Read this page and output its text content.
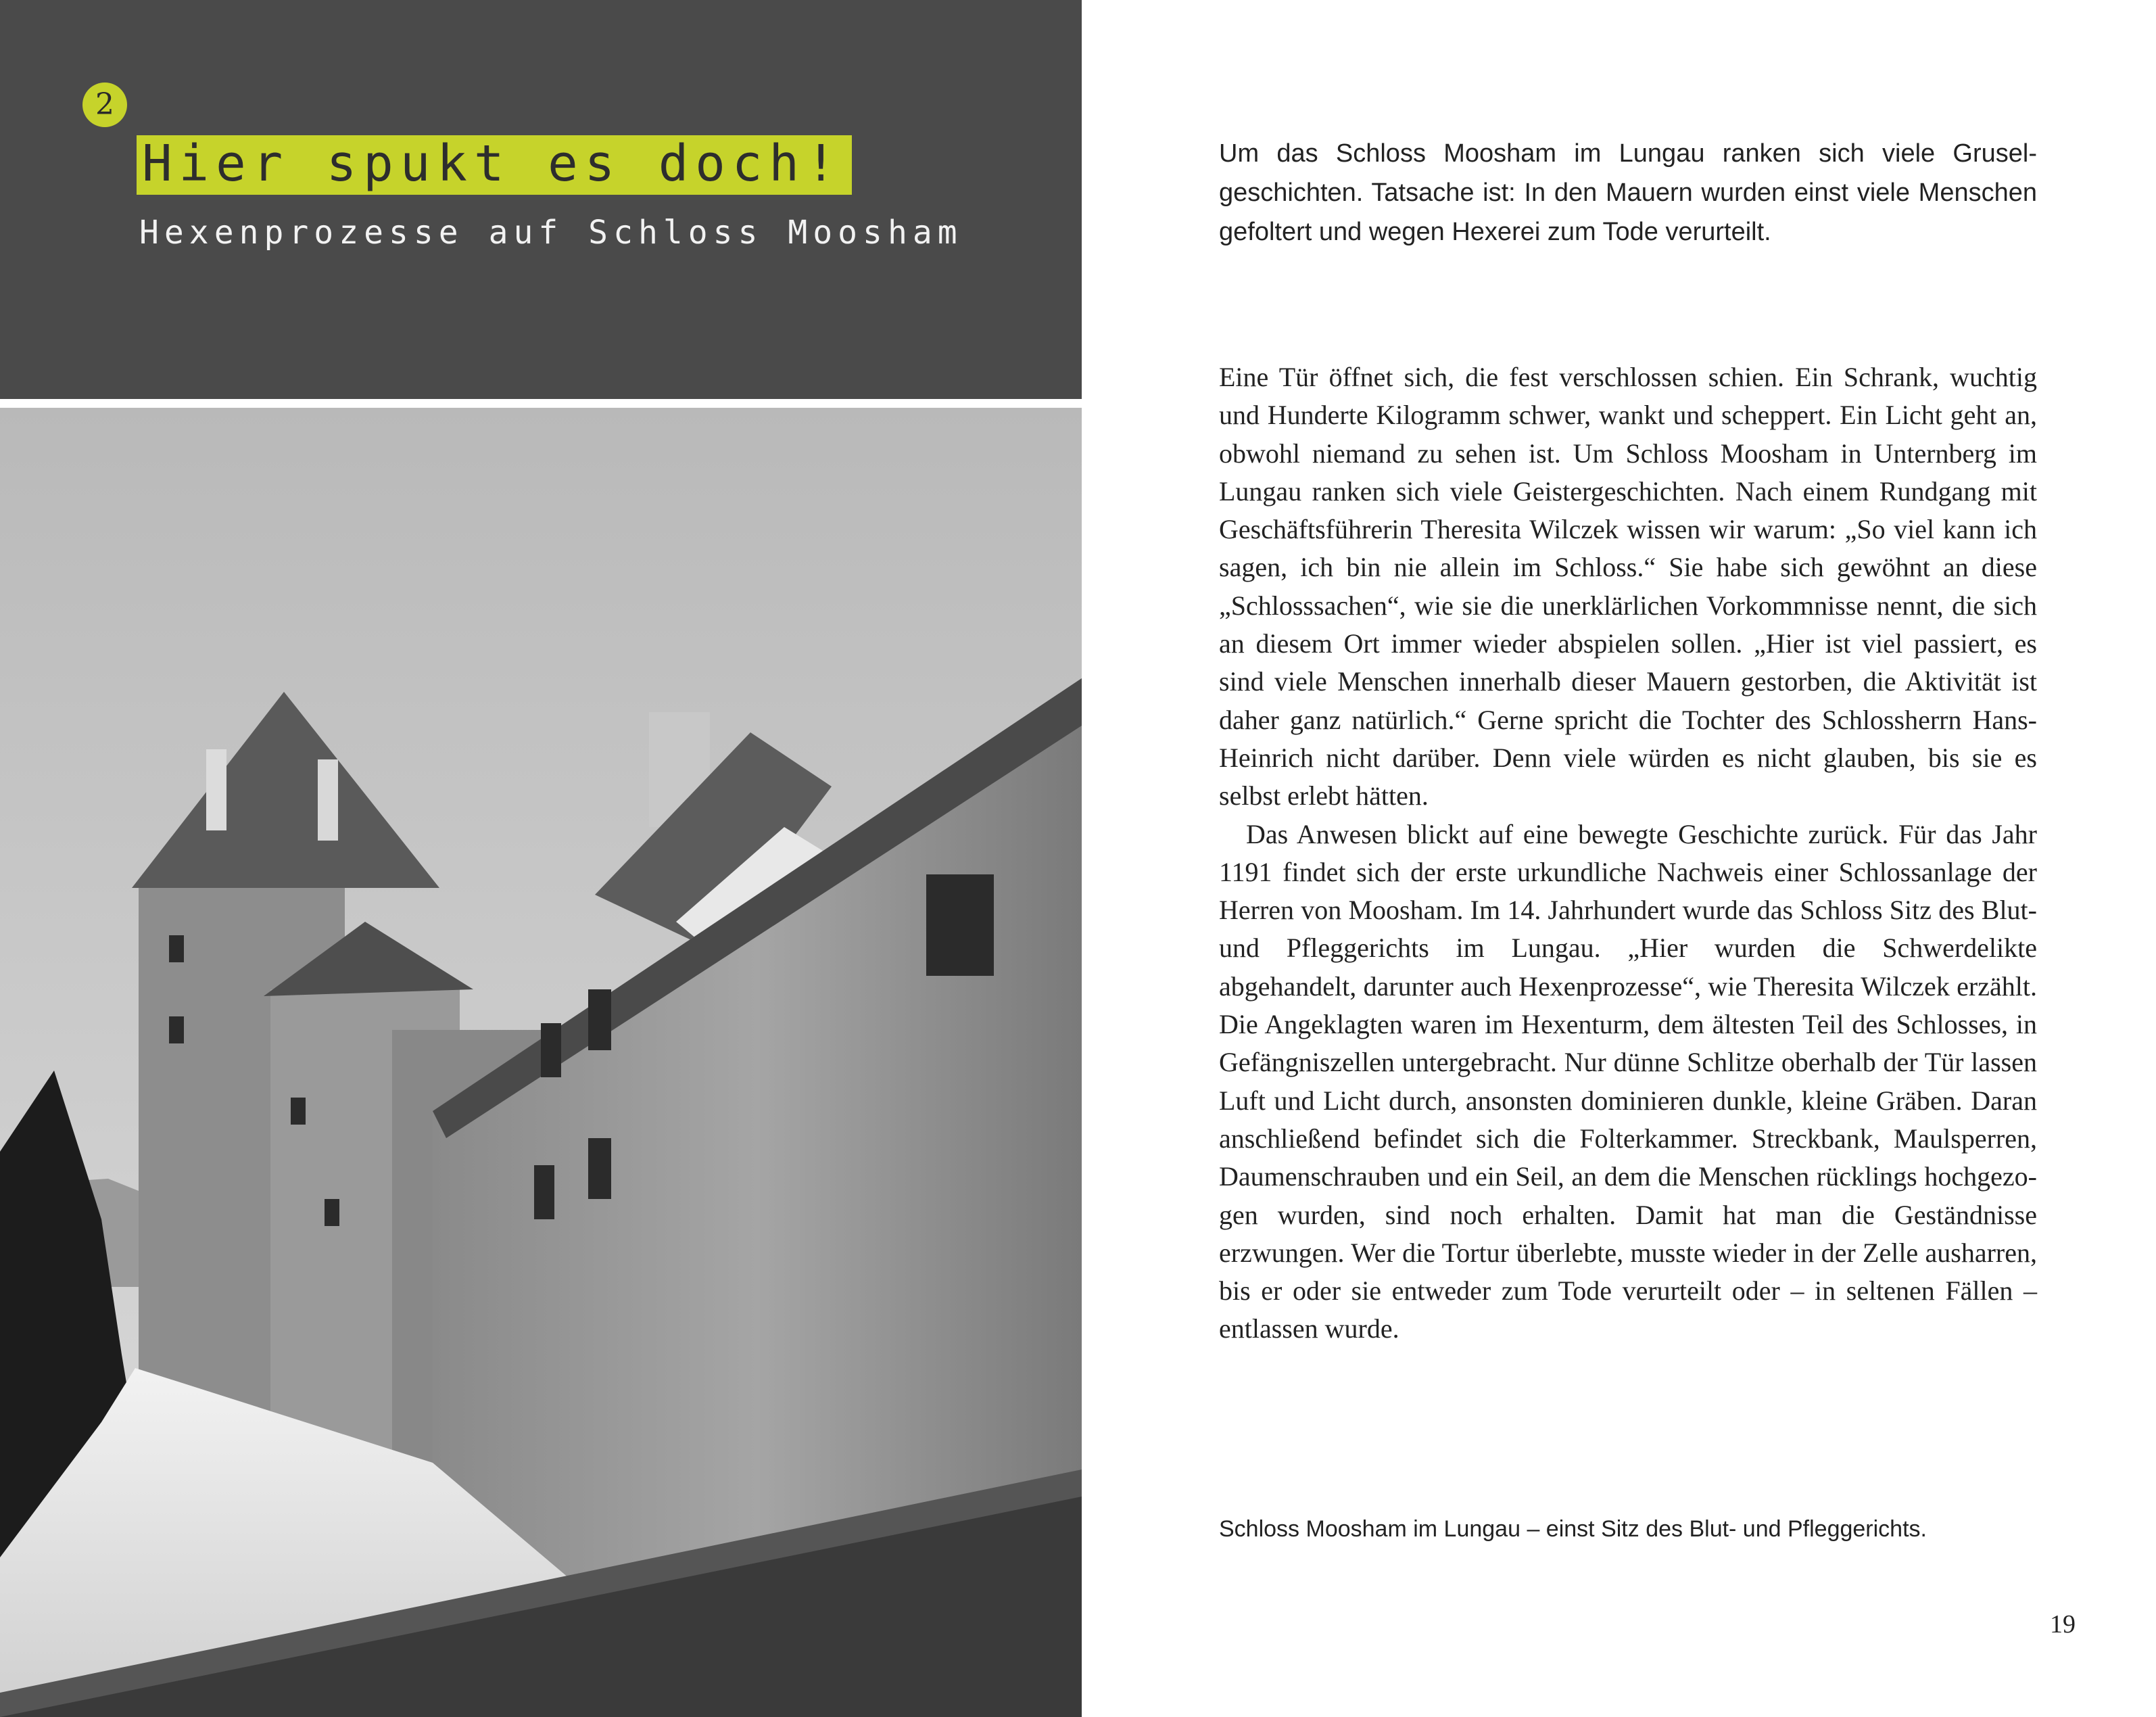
2
Hier spukt es doch!
Hexenprozesse auf Schloss Moosham

Um das Schloss Moosham im Lungau ranken sich viele Gruselgeschichten. Tatsache ist: In den Mauern wurden einst viele Menschen gefoltert und wegen Hexerei zum Tode verurteilt.

Eine Tür öffnet sich, die fest verschlossen schien. Ein Schrank, wuchtig und Hunderte Kilogramm schwer, wankt und scheppert. Ein Licht geht an, obwohl niemand zu sehen ist. Um Schloss Moosham in Unternberg im Lungau ranken sich viele Geistergeschichten. Nach einem Rundgang mit Geschäftsführerin Theresita Wilczek wissen wir warum: „So viel kann ich sagen, ich bin nie allein im Schloss.“ Sie habe sich gewöhnt an diese „Schlosssachen“, wie sie die unerklärlichen Vorkommnisse nennt, die sich an diesem Ort immer wieder abspielen sollen. „Hier ist viel passiert, es sind viele Menschen innerhalb dieser Mauern gestorben, die Aktivität ist daher ganz natürlich.“ Gerne spricht die Tochter des Schlossherrn Hans-Heinrich nicht darüber. Denn viele würden es nicht glauben, bis sie es selbst erlebt hätten.

Das Anwesen blickt auf eine bewegte Geschichte zurück. Für das Jahr 1191 findet sich der erste urkundliche Nachweis einer Schlossanlage der Herren von Moosham. Im 14. Jahrhundert wurde das Schloss Sitz des Blut- und Pfleggerichts im Lungau. „Hier wurden die Schwerdelikte abgehandelt, darunter auch Hexenprozesse“, wie Theresita Wilczek erzählt. Die Angeklagten waren im Hexenturm, dem ältesten Teil des Schlosses, in Gefängniszellen untergebracht. Nur dünne Schlitze oberhalb der Tür lassen Luft und Licht durch, ansonsten dominieren dunkle, kleine Gräben. Daran anschließend befindet sich die Folterkammer. Streckbank, Maulsperren, Daumenschrauben und ein Seil, an dem die Menschen rücklings hochgezogen wurden, sind noch erhalten. Damit hat man die Geständnisse erzwungen. Wer die Tortur überlebte, musste wieder in der Zelle ausharren, bis er oder sie entweder zum Tode verurteilt oder – in seltenen Fällen – entlassen wurde.

Schloss Moosham im Lungau – einst Sitz des Blut- und Pfleggerichts.

19
